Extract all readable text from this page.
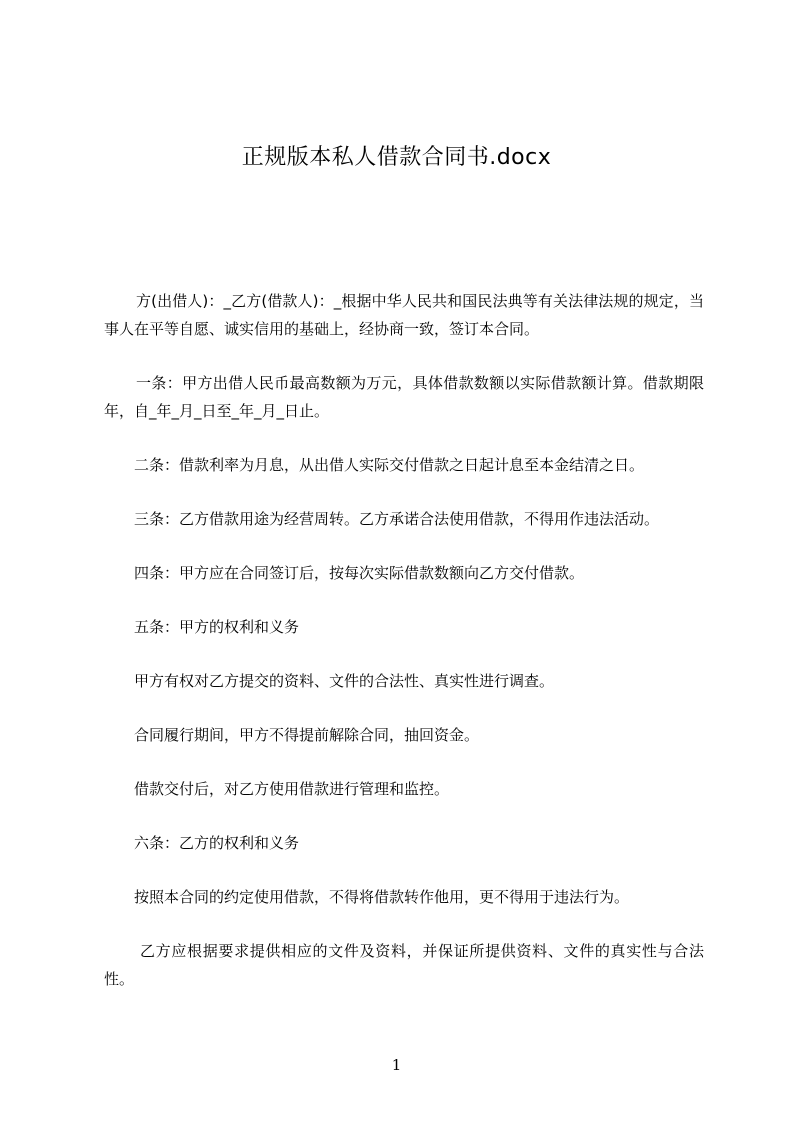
正规版本私人借款合同书.docx

方(出借人)：_乙方(借款人)：_根据中华人民共和国民法典等有关法律法规的规定，当事人在平等自愿、诚实信用的基础上，经协商一致，签订本合同。

一条：甲方出借人民币最高数额为万元，具体借款数额以实际借款额计算。借款期限年，自_年_月_日至_年_月_日止。

二条：借款利率为月息，从出借人实际交付借款之日起计息至本金结清之日。

三条：乙方借款用途为经营周转。乙方承诺合法使用借款，不得用作违法活动。

四条：甲方应在合同签订后，按每次实际借款数额向乙方交付借款。

五条：甲方的权利和义务

甲方有权对乙方提交的资料、文件的合法性、真实性进行调查。

合同履行期间，甲方不得提前解除合同，抽回资金。

借款交付后，对乙方使用借款进行管理和监控。

六条：乙方的权利和义务

按照本合同的约定使用借款，不得将借款转作他用，更不得用于违法行为。

乙方应根据要求提供相应的文件及资料，并保证所提供资料、文件的真实性与合法性。

1
